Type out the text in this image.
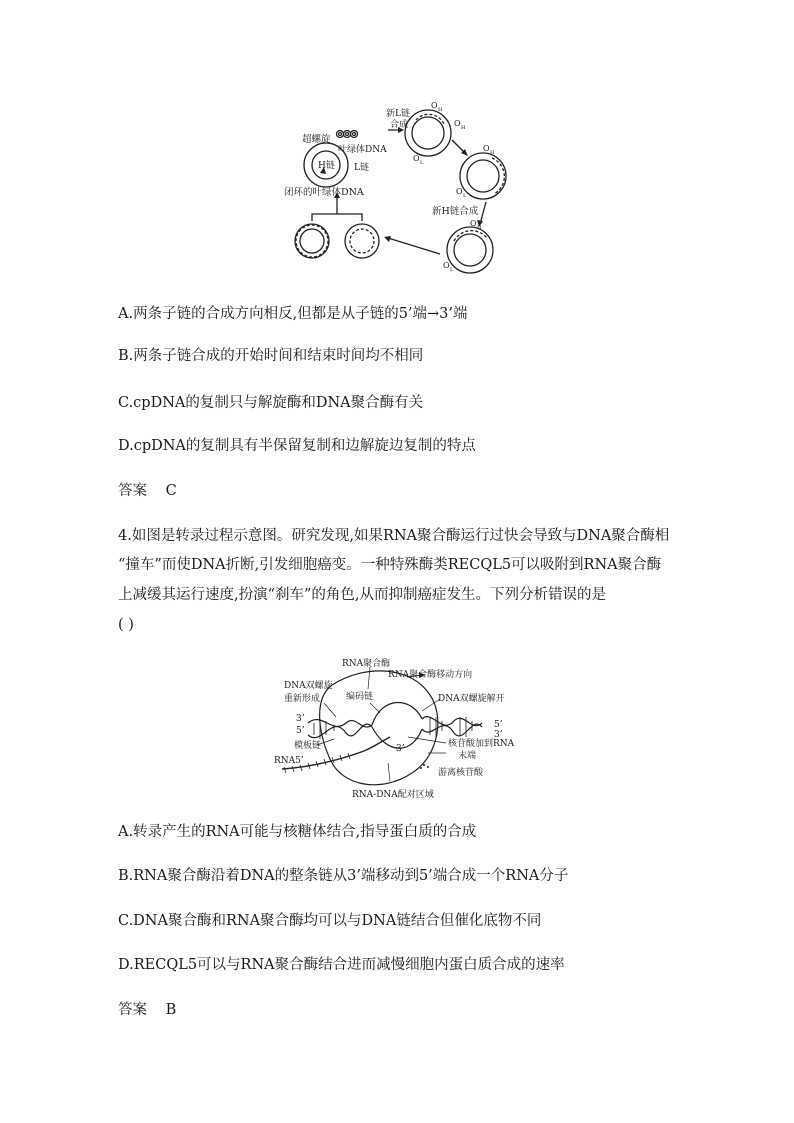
新L链
合成
超螺旋
叶绿体DNA
H链 L链
闭环的叶绿体DNA
新H链合成
O H
O H
O L
O H
O L
O H
O L
A.两条子链的合成方向相反,但都是从子链的5’端→3’端
B.两条子链合成的开始时间和结束时间均不相同
C.cpDNA的复制只与解旋酶和DNA聚合酶有关
D.cpDNA的复制具有半保留复制和边解旋边复制的特点
答案 C
4.如图是转录过程示意图。研究发现,如果RNA聚合酶运行过快会导致与DNA聚合酶相
“撞车”而使DNA折断,引发细胞癌变。一种特殊酶类RECQL5可以吸附到RNA聚合酶
上减缓其运行速度,扮演“刹车”的角色,从而抑制癌症发生。下列分析错误的是
( )
RNA聚合酶
RNA聚合酶移动方向
DNA双螺旋
重新形成	编码链	DNA双螺旋解开
3’
5’
5’
3’
模板链	3’	核苷酸加到RNA
末端
RNA5’
游离核苷酸
RNA-DNA配对区域
A.转录产生的RNA可能与核糖体结合,指导蛋白质的合成
B.RNA聚合酶沿着DNA的整条链从3’端移动到5’端合成一个RNA分子
C.DNA聚合酶和RNA聚合酶均可以与DNA链结合但催化底物不同
D.RECQL5可以与RNA聚合酶结合进而减慢细胞内蛋白质合成的速率
答案 B
